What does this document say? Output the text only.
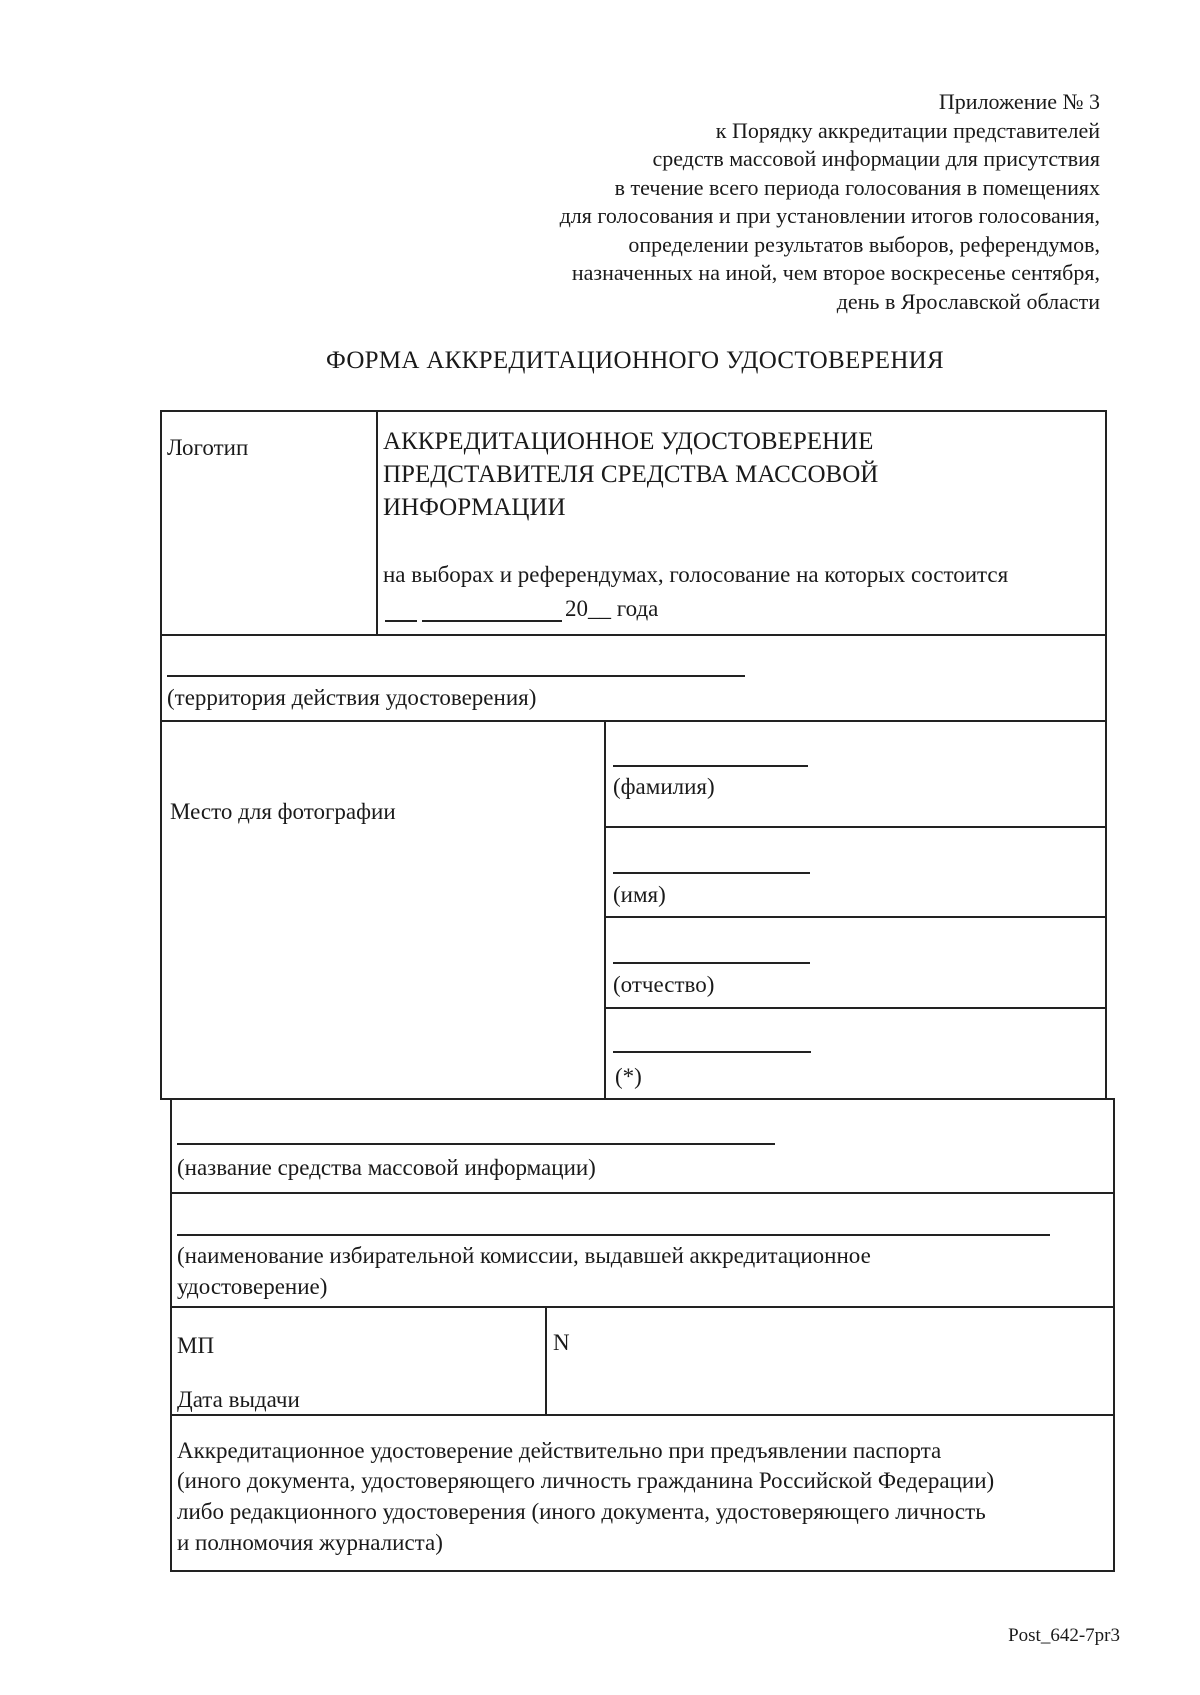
Приложение № 3
к Порядку аккредитации представителей
средств массовой информации для присутствия
в течение всего периода голосования в помещениях
для голосования и при установлении итогов голосования,
определении результатов выборов, референдумов,
назначенных на иной, чем второе воскресенье сентября,
день в Ярославской области
ФОРМА АККРЕДИТАЦИОННОГО УДОСТОВЕРЕНИЯ
Логотип	АККРЕДИТАЦИОННОЕ УДОСТОВЕРЕНИЕ
ПРЕДСТАВИТЕЛЯ СРЕДСТВА МАССОВОЙ
ИНФОРМАЦИИ
на выборах и референдумах, голосование на которых состоится
20__ года
(территория действия удостоверения)
Место для фотографии
(фамилия)
(имя)
(отчество)
(*)
(название средства массовой информации)
(наименование избирательной комиссии, выдавшей аккредитационное
удостоверение)
МП	N
Дата выдачи
Аккредитационное удостоверение действительно при предъявлении паспорта
(иного документа, удостоверяющего личность гражданина Российской Федерации)
либо редакционного удостоверения (иного документа, удостоверяющего личность
и полномочия журналиста)
Post_642-7pr3
